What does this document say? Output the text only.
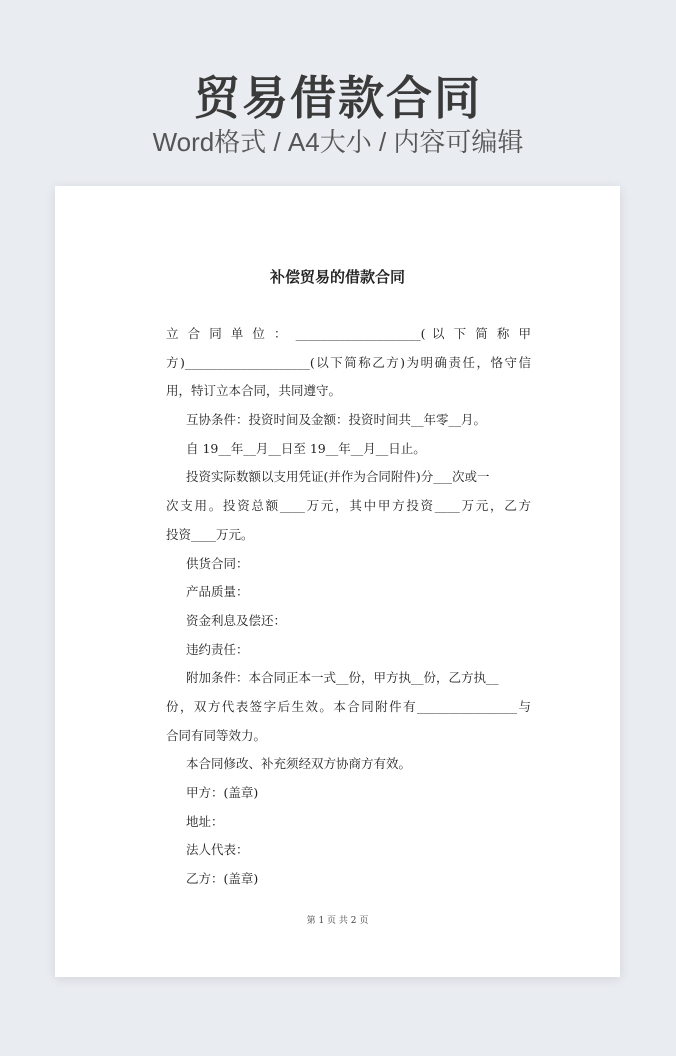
贸易借款合同
Word格式 / A4大小 / 内容可编辑
补偿贸易的借款合同
立 合 同 单 位 ： ____________________( 以 下 简 称 甲
方)____________________(以下简称乙方)为明确责任，恪守信
用，特订立本合同，共同遵守。
互协条件：投资时间及金额：投资时间共__年零__月。
自 19__年__月__日至 19__年__月__日止。
投资实际数额以支用凭证(并作为合同附件)分___次或一
次支用。投资总额____万元，其中甲方投资____万元，乙方
投资____万元。
供货合同：
产品质量：
资金利息及偿还：
违约责任：
附加条件：本合同正本一式__份，甲方执__份，乙方执__
份，双方代表签字后生效。本合同附件有________________与
合同有同等效力。
本合同修改、补充须经双方协商方有效。
甲方：(盖章)
地址：
法人代表：
乙方：(盖章)
第 1 页 共 2 页
